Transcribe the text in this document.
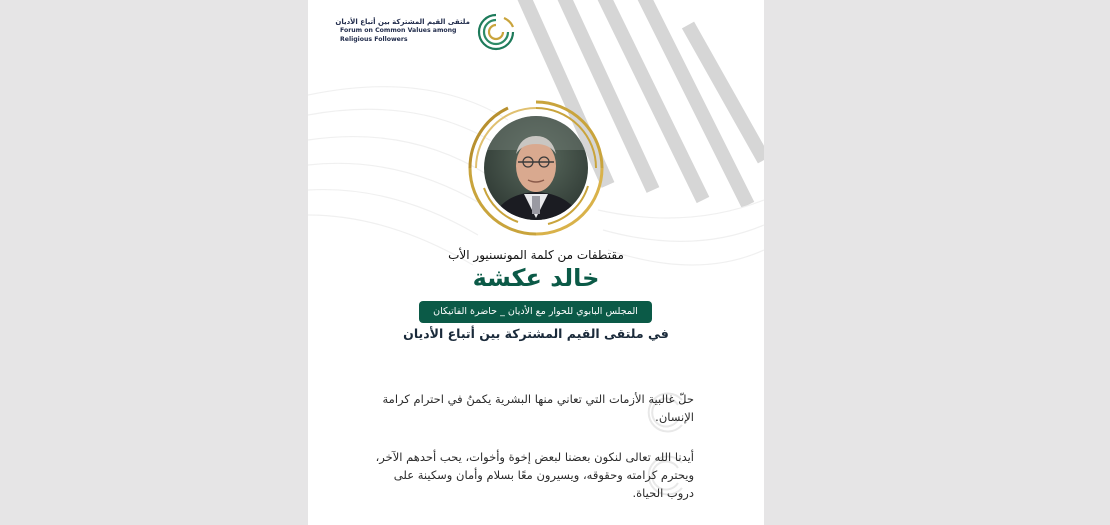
ملتقى القيم المشتركة بين أتباع الأديان
Forum on Common Values among
Religious Followers
مقتطفات من كلمة المونسنيور الأب
خالد عكشة
المجلس البابوي للحوار مع الأديان _ حاضرة الفاتيكان
في ملتقى القيم المشتركة بين أتباع الأديان
حلّ غالبية الأزمات التي تعاني منها البشرية يكمنُ في احترام كرامة الإنسان.
أيدنا الله تعالى لنكون بعضنا لبعض إخوة وأخوات، يحب أحدهم الآخر، ويحترم كرامته وحقوقه، ويسيرون معًا بسلام وأمان وسكينة على دروب الحياة.
